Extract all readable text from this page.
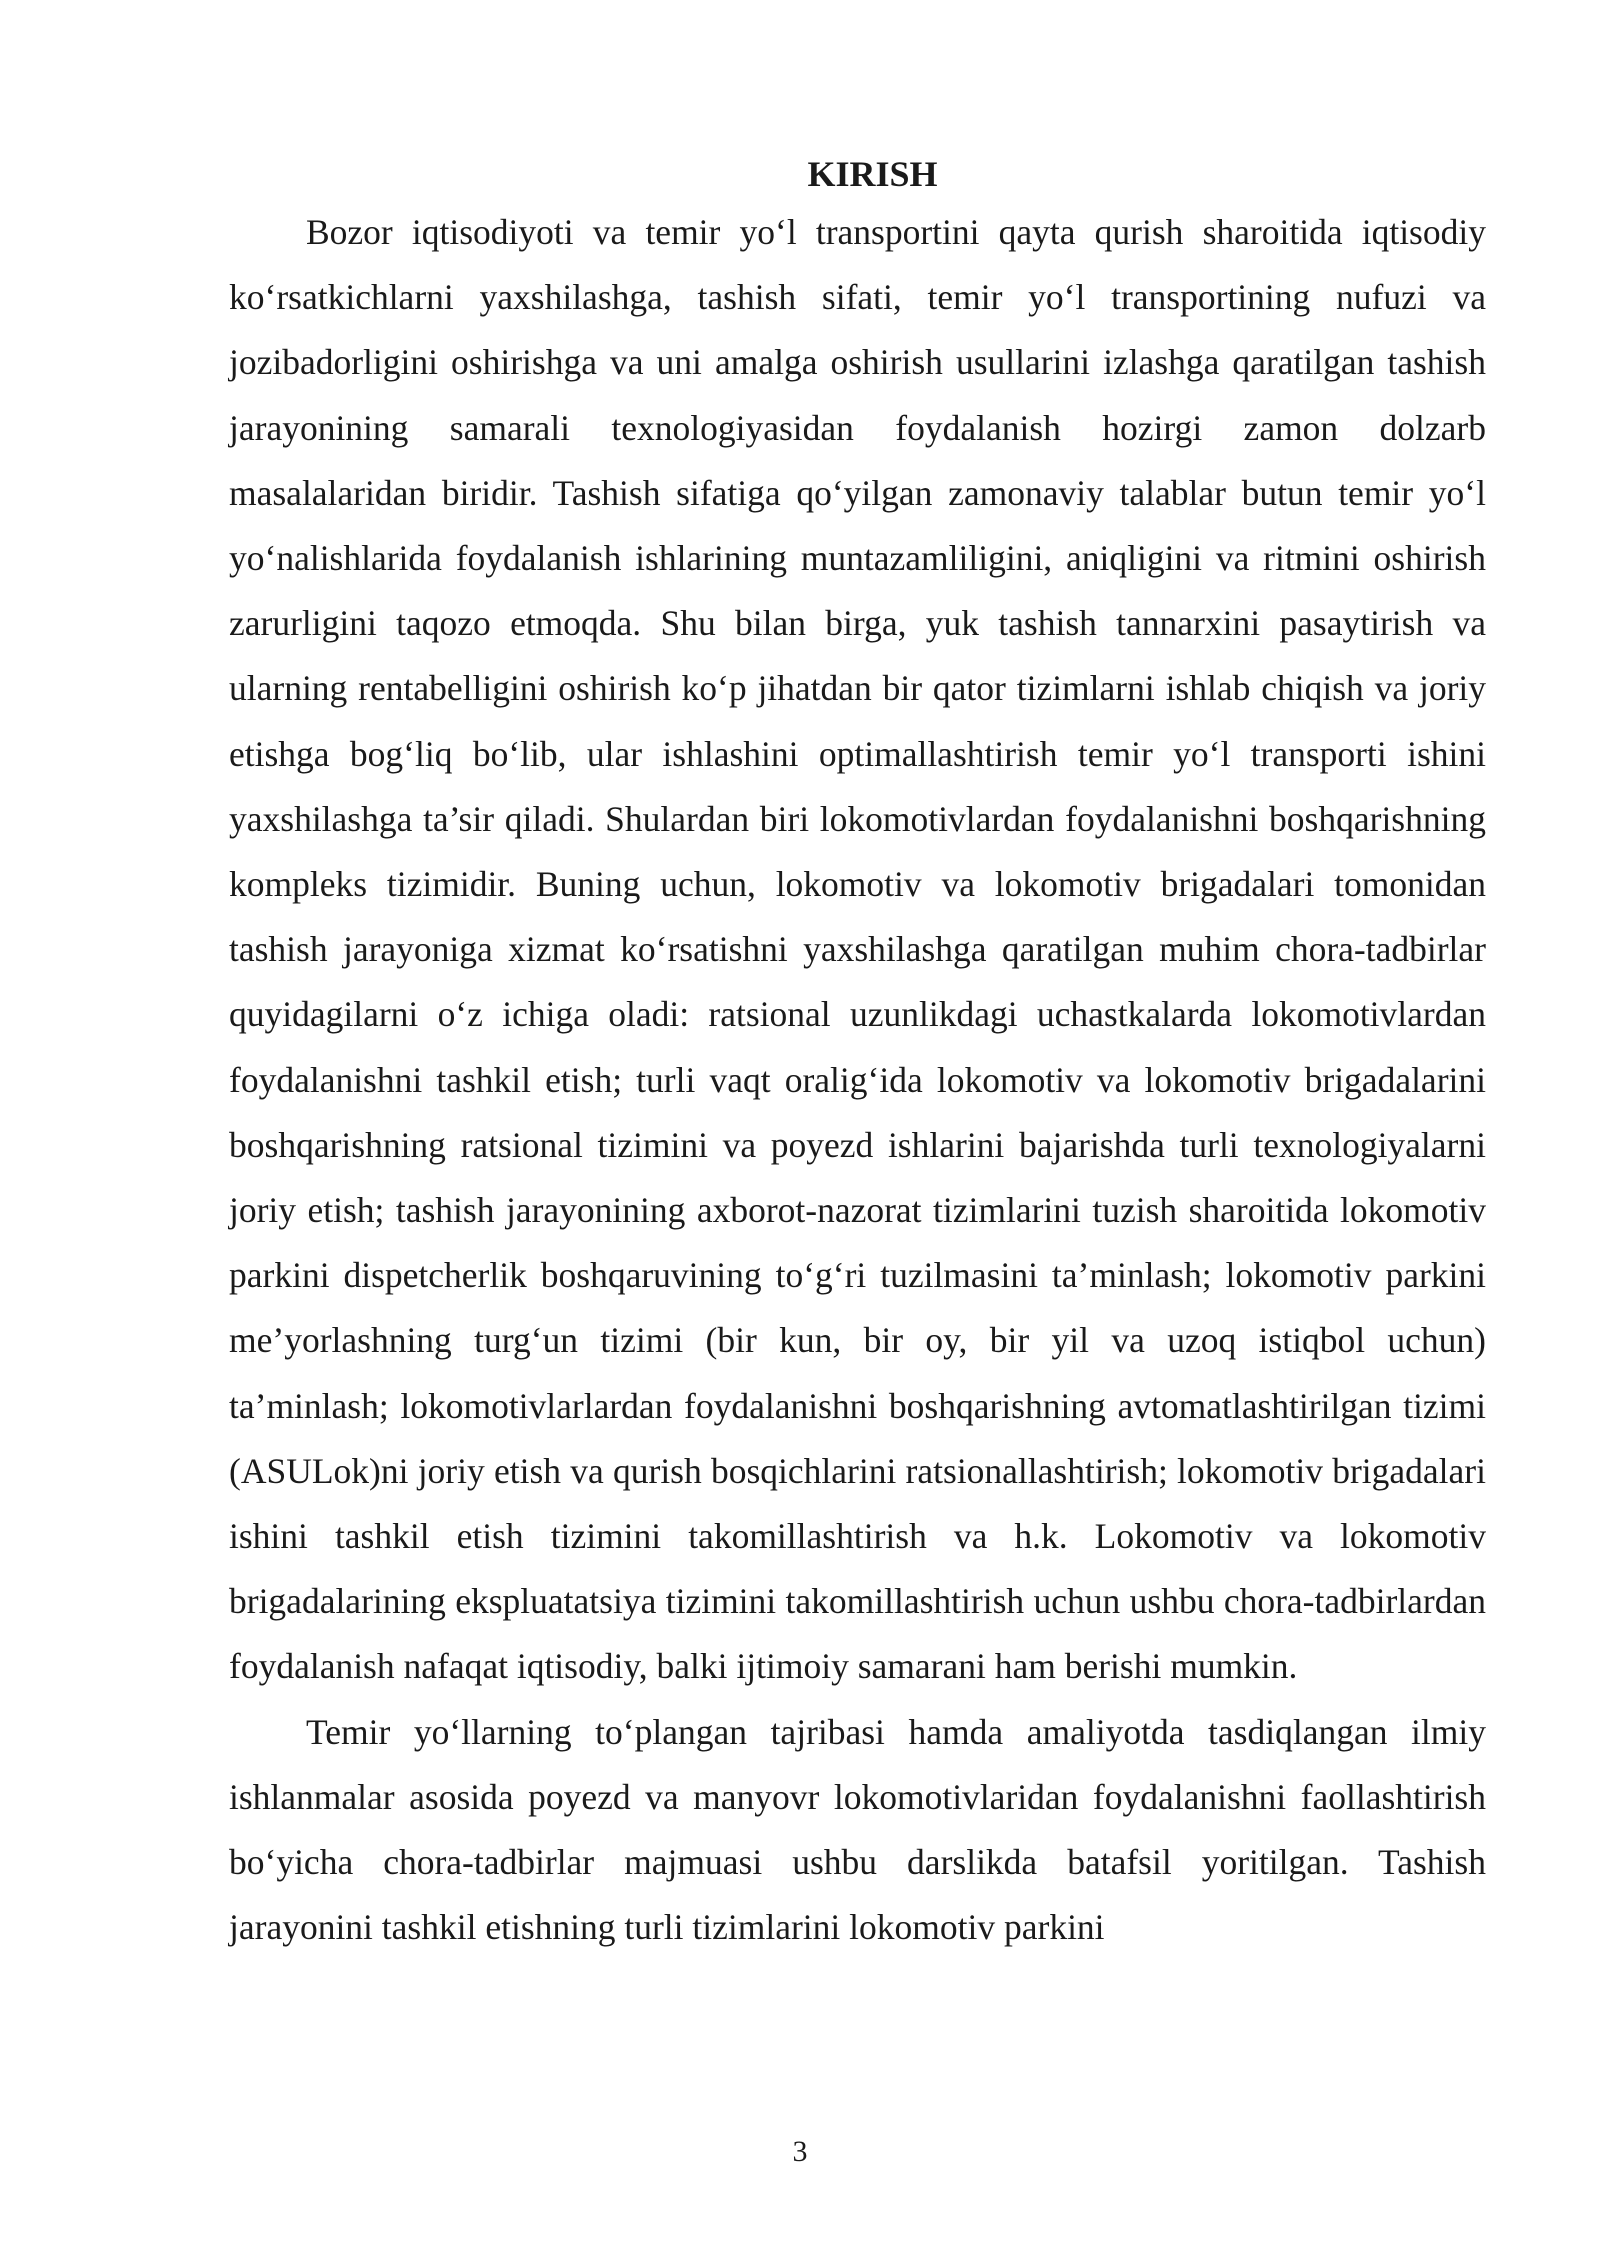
KIRISH

Bozor iqtisodiyoti va temir yo‘l transportini qayta qurish sharoitida iqtisodiy ko‘rsatkichlarni yaxshilashga, tashish sifati, temir yo‘l transportining nufuzi va jozibadorligini oshirishga va uni amalga oshirish usullarini izlashga qaratilgan tashish jarayonining samarali texnologiyasidan foydalanish hozirgi zamon dolzarb masalalaridan biridir. Tashish sifatiga qo‘yilgan zamonaviy talablar butun temir yo‘l yo‘nalishlarida foydalanish ishlarining muntazamliligini, aniqligini va ritmini oshirish zarurligini taqozo etmoqda. Shu bilan birga, yuk tashish tannarxini pasaytirish va ularning rentabelligini oshirish ko‘p jihatdan bir qator tizimlarni ishlab chiqish va joriy etishga bog‘liq bo‘lib, ular ishlashini optimallashtirish temir yo‘l transporti ishini yaxshilashga ta’sir qiladi. Shulardan biri lokomotivlardan foydalanishni boshqarishning kompleks tizimidir. Buning uchun, lokomotiv va lokomotiv brigadalari tomonidan tashish jarayoniga xizmat ko‘rsatishni yaxshilashga qaratilgan muhim chora-tadbirlar quyidagilarni o‘z ichiga oladi: ratsional uzunlikdagi uchastkalarda lokomotivlardan foydalanishni tashkil etish; turli vaqt oralig‘ida lokomotiv va lokomotiv brigadalarini boshqarishning ratsional tizimini va poyezd ishlarini bajarishda turli texnologiyalarni joriy etish; tashish jarayonining axborot-nazorat tizimlarini tuzish sharoitida lokomotiv parkini dispetcherlik boshqaruvining to‘g‘ri tuzilmasini ta’minlash; lokomotiv parkini me’yorlashning turg‘un tizimi (bir kun, bir oy, bir yil va uzoq istiqbol uchun) ta’minlash; lokomotivlarlardan foydalanishni boshqarishning avtomatlashtirilgan tizimi (ASULok)ni joriy etish va qurish bosqichlarini ratsionallashtirish; lokomotiv brigadalari ishini tashkil etish tizimini takomillashtirish va h.k. Lokomotiv va lokomotiv brigadalarining ekspluatatsiya tizimini takomillashtirish uchun ushbu chora-tadbirlardan foydalanish nafaqat iqtisodiy, balki ijtimoiy samarani ham berishi mumkin.

Temir yo‘llarning to‘plangan tajribasi hamda amaliyotda tasdiqlangan ilmiy ishlanmalar asosida poyezd va manyovr lokomotivlaridan foydalanishni faollashtirish bo‘yicha chora-tadbirlar majmuasi ushbu darslikda batafsil yoritilgan. Tashish jarayonini tashkil etishning turli tizimlarini lokomotiv parkini

3
